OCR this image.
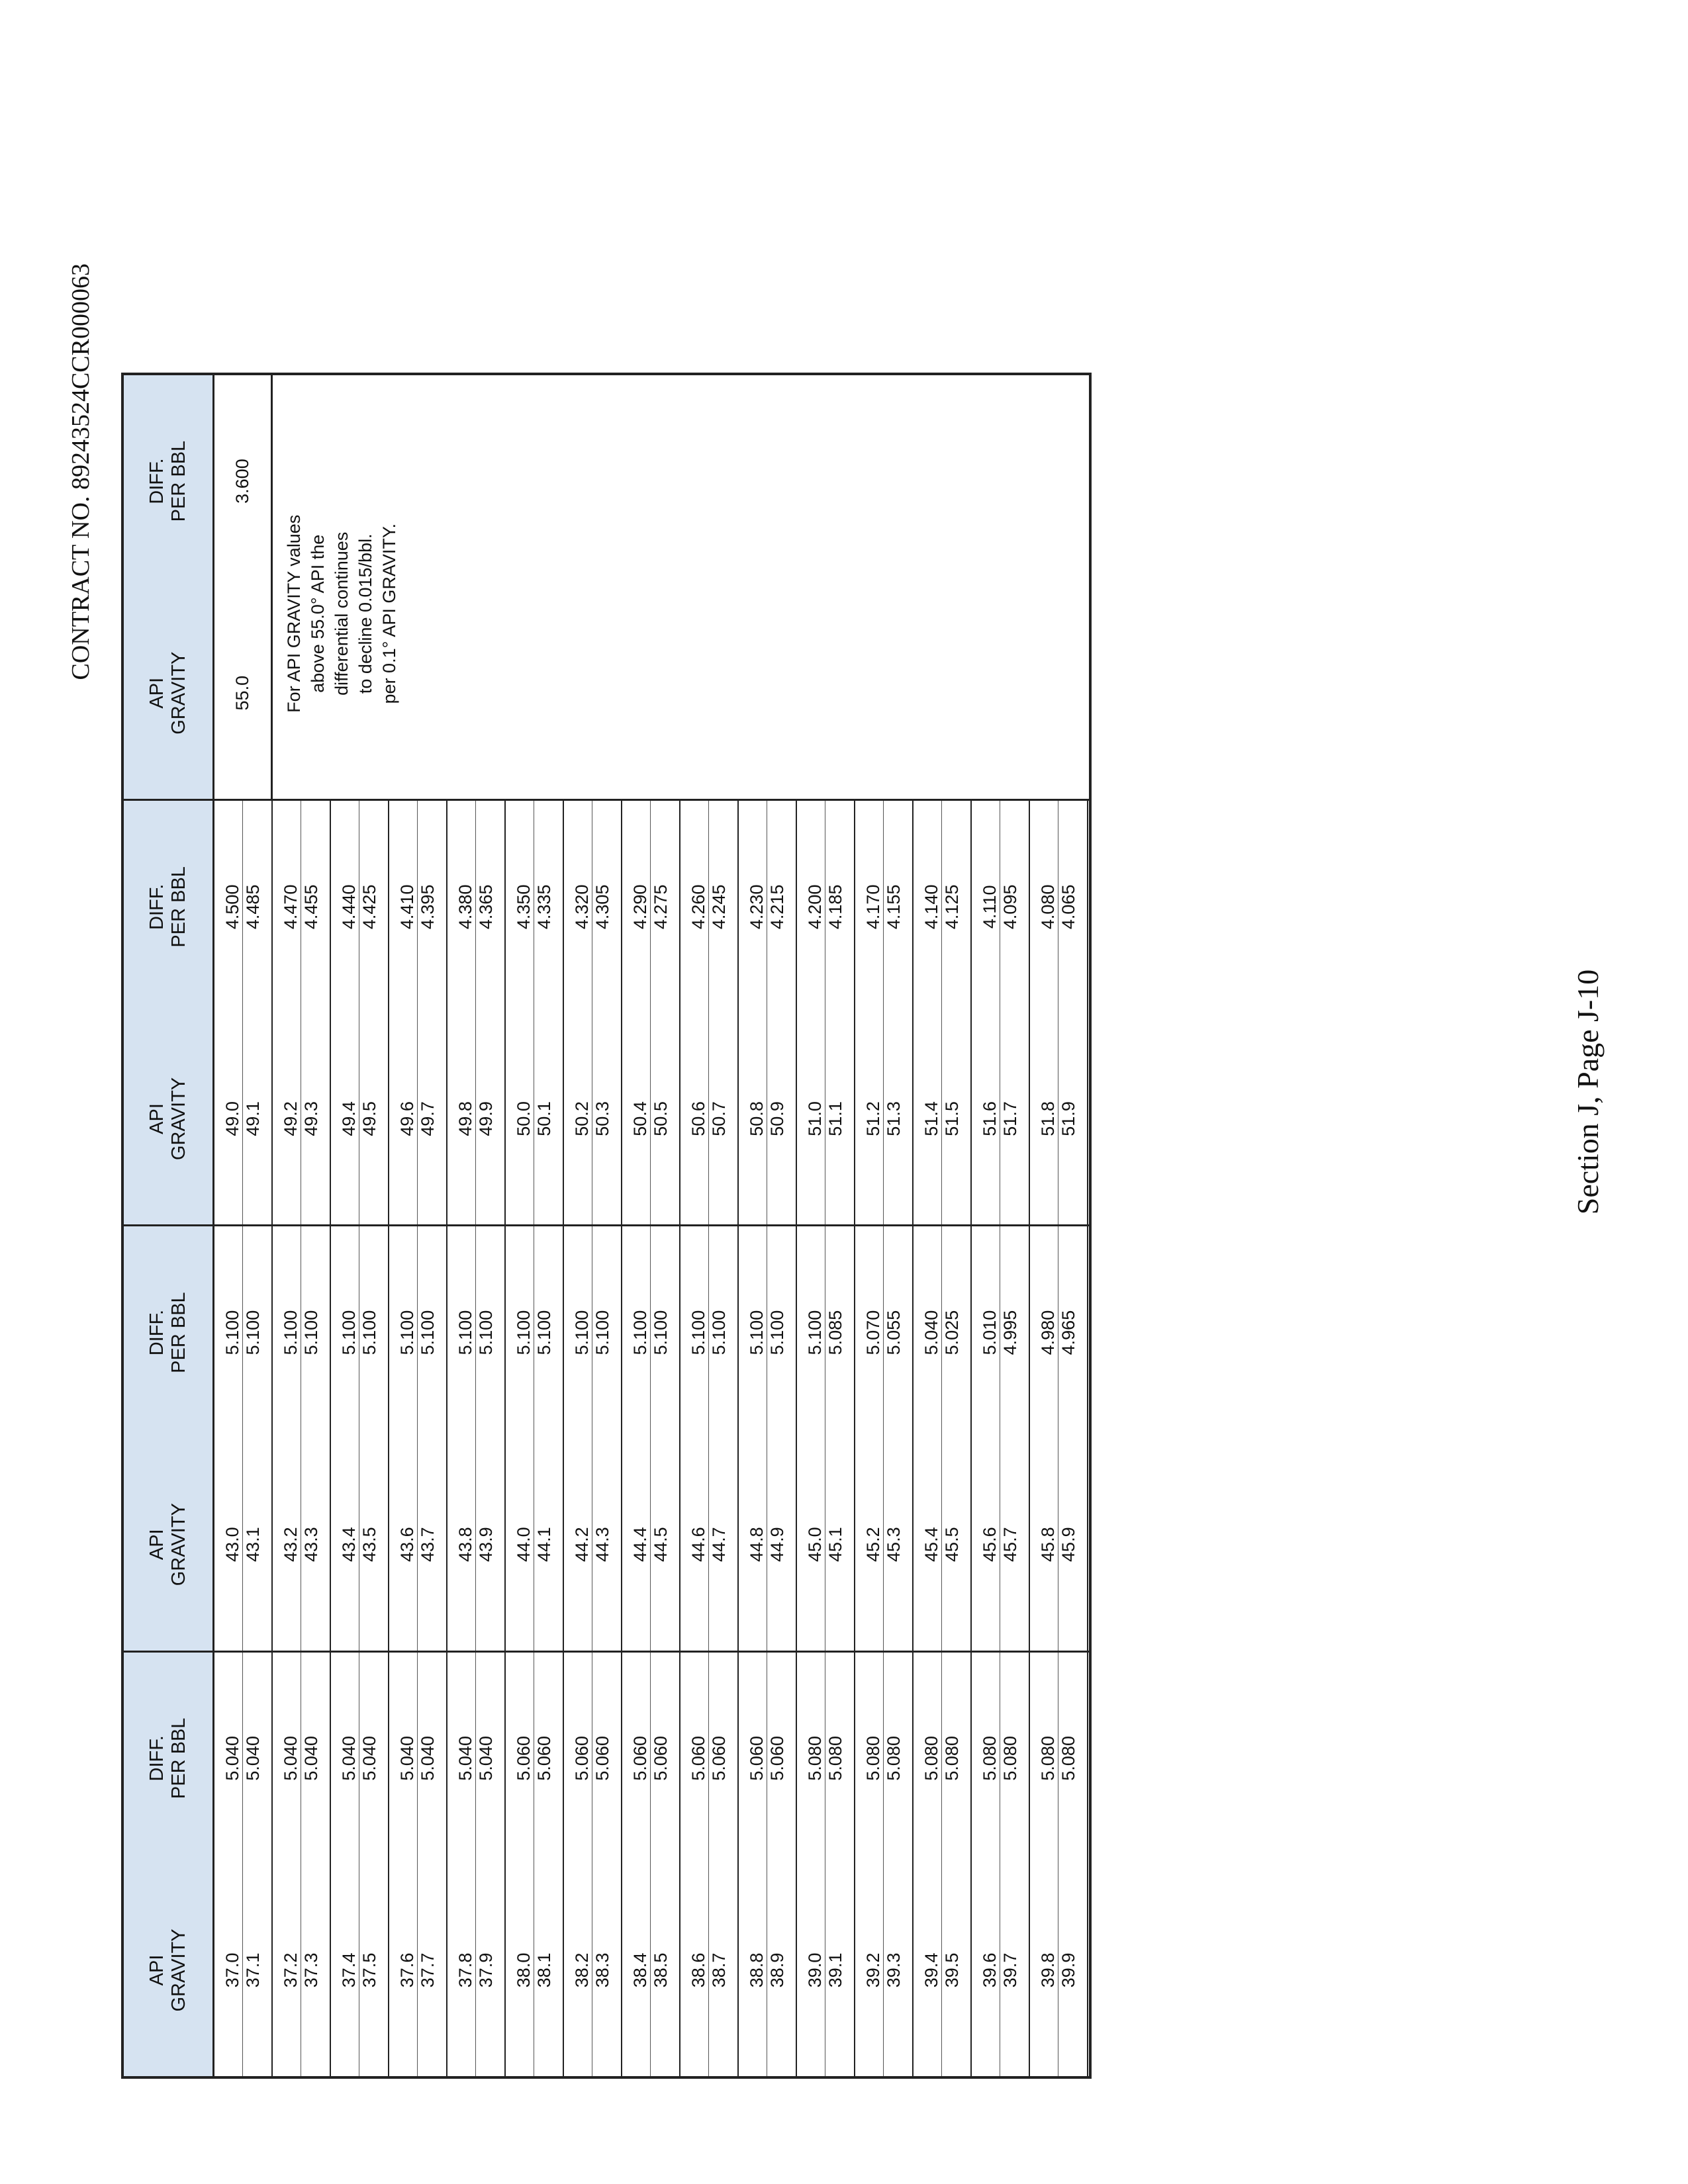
CONTRACT NO. 89243524CCR000063
API GRAVITY
DIFF. PER BBL
37.0
5.040
37.1
5.040
37.2
5.040
37.3
5.040
37.4
5.040
37.5
5.040
37.6
5.040
37.7
5.040
37.8
5.040
37.9
5.040
38.0
5.060
38.1
5.060
38.2
5.060
38.3
5.060
38.4
5.060
38.5
5.060
38.6
5.060
38.7
5.060
38.8
5.060
38.9
5.060
39.0
5.080
39.1
5.080
39.2
5.080
39.3
5.080
39.4
5.080
39.5
5.080
39.6
5.080
39.7
5.080
39.8
5.080
39.9
5.080
API GRAVITY
DIFF. PER BBL
43.0
5.100
43.1
5.100
43.2
5.100
43.3
5.100
43.4
5.100
43.5
5.100
43.6
5.100
43.7
5.100
43.8
5.100
43.9
5.100
44.0
5.100
44.1
5.100
44.2
5.100
44.3
5.100
44.4
5.100
44.5
5.100
44.6
5.100
44.7
5.100
44.8
5.100
44.9
5.100
45.0
5.100
45.1
5.085
45.2
5.070
45.3
5.055
45.4
5.040
45.5
5.025
45.6
5.010
45.7
4.995
45.8
4.980
45.9
4.965
API GRAVITY
DIFF. PER BBL
49.0
4.500
49.1
4.485
49.2
4.470
49.3
4.455
49.4
4.440
49.5
4.425
49.6
4.410
49.7
4.395
49.8
4.380
49.9
4.365
50.0
4.350
50.1
4.335
50.2
4.320
50.3
4.305
50.4
4.290
50.5
4.275
50.6
4.260
50.7
4.245
50.8
4.230
50.9
4.215
51.0
4.200
51.1
4.185
51.2
4.170
51.3
4.155
51.4
4.140
51.5
4.125
51.6
4.110
51.7
4.095
51.8
4.080
51.9
4.065
API GRAVITY
DIFF. PER BBL
55.0
3.600
For API GRAVITY values above 55.0° API the differential continues to decline 0.015/bbl. per 0.1° API GRAVITY.
Section J, Page J-10
